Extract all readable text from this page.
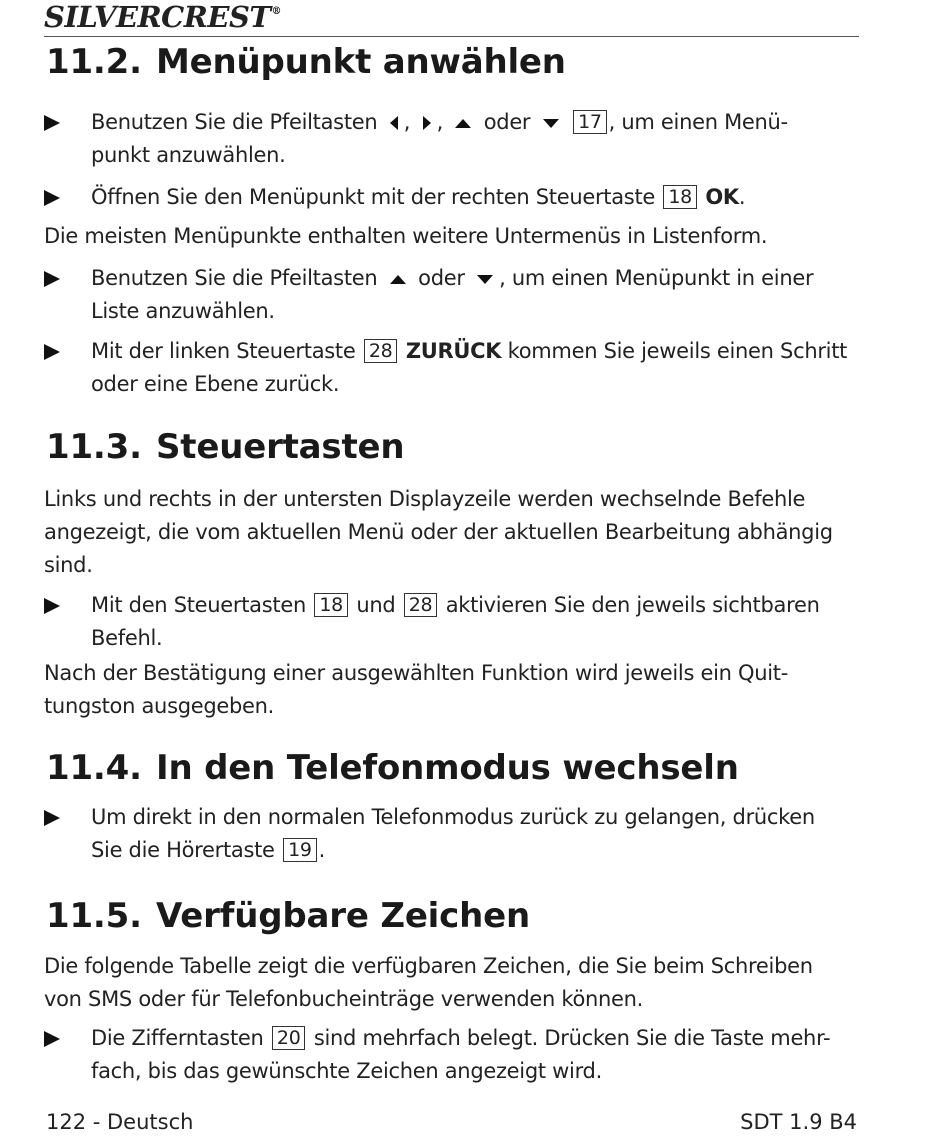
SILVERCREST®
11.2. Menüpunkt anwählen

Benutzen Sie die Pfeiltasten , , oder	17 , um einen Menü-
punkt anzuwählen.

Öffnen Sie den Menüpunkt mit der rechten Steuertaste 18 OK.

Die meisten Menüpunkte enthalten weitere Untermenüs in Listenform.

Benutzen Sie die Pfeiltasten oder , um einen Menüpunkt in einer
Liste anzuwählen.

Mit der linken Steuertaste 28 ZURÜCK kommen Sie jeweils einen Schritt
oder eine Ebene zurück.

11.3. Steuertasten

Links und rechts in der untersten Displayzeile werden wechselnde Befehle
angezeigt, die vom aktuellen Menü oder der aktuellen Bearbeitung abhängig
sind.

Mit den Steuertasten 18 und 28 aktivieren Sie den jeweils sichtbaren
Befehl.

Nach der Bestätigung einer ausgewählten Funktion wird jeweils ein Quit-
tungston ausgegeben.

11.4. In den Telefonmodus wechseln

Um direkt in den normalen Telefonmodus zurück zu gelangen, drücken
Sie die Hörertaste 19 .

11.5. Verfügbare Zeichen

Die folgende Tabelle zeigt die verfügbaren Zeichen, die Sie beim Schreiben
von SMS oder für Telefonbucheinträge verwenden können.

Die Zifferntasten 20 sind mehrfach belegt. Drücken Sie die Taste mehr-
fach, bis das gewünschte Zeichen angezeigt wird.

122 - Deutsch	SDT 1.9 B4
